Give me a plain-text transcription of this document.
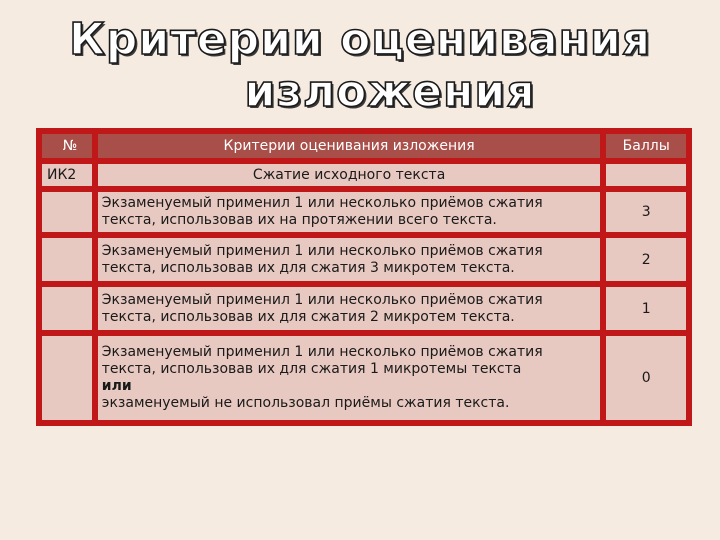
Критерии оценивания

изложения
№	Критерии оценивания изложения	Баллы
ИК2	Сжатие исходного текста	

	Экзаменуемый применил 1 или несколько приёмов сжатия
текста, использовав их на протяжении всего текста.	3

	Экзаменуемый применил 1 или несколько приёмов сжатия
текста, использовав их для сжатия 3 микротем текста.	2

	Экзаменуемый применил 1 или несколько приёмов сжатия
текста, использовав их для сжатия 2 микротем текста.	1

	Экзаменуемый применил 1 или несколько приёмов сжатия
текста, использовав их для сжатия 1 микротемы текста
или
экзаменуемый не использовал приёмы сжатия текста.	0
